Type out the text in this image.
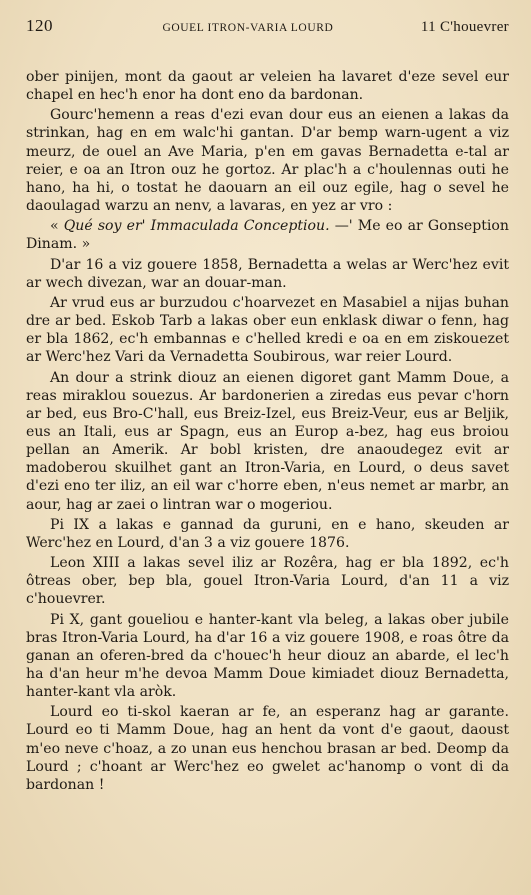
120	GOUEL ITRON-VARIA LOURD	11 C'houevrer

ober pinijen, mont da gaout ar veleien ha lavaret d'eze sevel eur chapel en hec'h enor ha dont eno da bardonan.

Gourc'hemenn a reas d'ezi evan dour eus an eienen a lakas da strinkan, hag en em walc'hi gantan. D'ar bemp warn-ugent a viz meurz, de ouel an Ave Maria, p'en em gavas Bernadetta e-tal ar reier, e oa an Itron ouz he gortoz. Ar plac'h a c'houlennas outi he hano, ha hi, o tostat he daouarn an eil ouz egile, hag o sevel he daoulagad warzu an nenv, a lavaras, en yez ar vro :

« Qué soy er' Immaculada Conceptiou. —' Me eo ar Gonseption Dinam. »

D'ar 16 a viz gouere 1858, Bernadetta a welas ar Werc'hez evit ar wech divezan, war an douar-man.

Ar vrud eus ar burzudou c'hoarvezet en Masabiel a nijas buhan dre ar bed. Eskob Tarb a lakas ober eun enklask diwar o fenn, hag er bla 1862, ec'h embannas e c'helled kredi e oa en em ziskouezet ar Werc'hez Vari da Vernadetta Soubirous, war reier Lourd.

An dour a strink diouz an eienen digoret gant Mamm Doue, a reas miraklou souezus. Ar bardonerien a ziredas eus pevar c'horn ar bed, eus Bro-C'hall, eus Breiz-Izel, eus Breiz-Veur, eus ar Beljik, eus an Itali, eus ar Spagn, eus an Europ a-bez, hag eus broiou pellan an Amerik. Ar bobl kristen, dre anaoudegez evit ar madoberou skuilhet gant an Itron-Varia, en Lourd, o deus savet d'ezi eno ter iliz, an eil war c'horre eben, n'eus nemet ar marbr, an aour, hag ar zaei o lintran war o mogeriou.

Pi IX a lakas e gannad da guruni, en e hano, skeuden ar Werc'hez en Lourd, d'an 3 a viz gouere 1876.

Leon XIII a lakas sevel iliz ar Rozêra, hag er bla 1892, ec'h ôtreas ober, bep bla, gouel Itron-Varia Lourd, d'an 11 a viz c'houevrer.

Pi X, gant goueliou e hanter-kant vla beleg, a lakas ober jubile bras Itron-Varia Lourd, ha d'ar 16 a viz gouere 1908, e roas ôtre da ganan an oferen-bred da c'houec'h heur diouz an abarde, el lec'h ha d'an heur m'he devoa Mamm Doue kimiadet diouz Bernadetta, hanter-kant vla aròk.

Lourd eo ti-skol kaeran ar fe, an esperanz hag ar garante. Lourd eo ti Mamm Doue, hag an hent da vont d'e gaout, daoust m'eo neve c'hoaz, a zo unan eus henchou brasan ar bed. Deomp da Lourd ; c'hoant ar Werc'hez eo gwelet ac'hanomp o vont di da bardonan !
